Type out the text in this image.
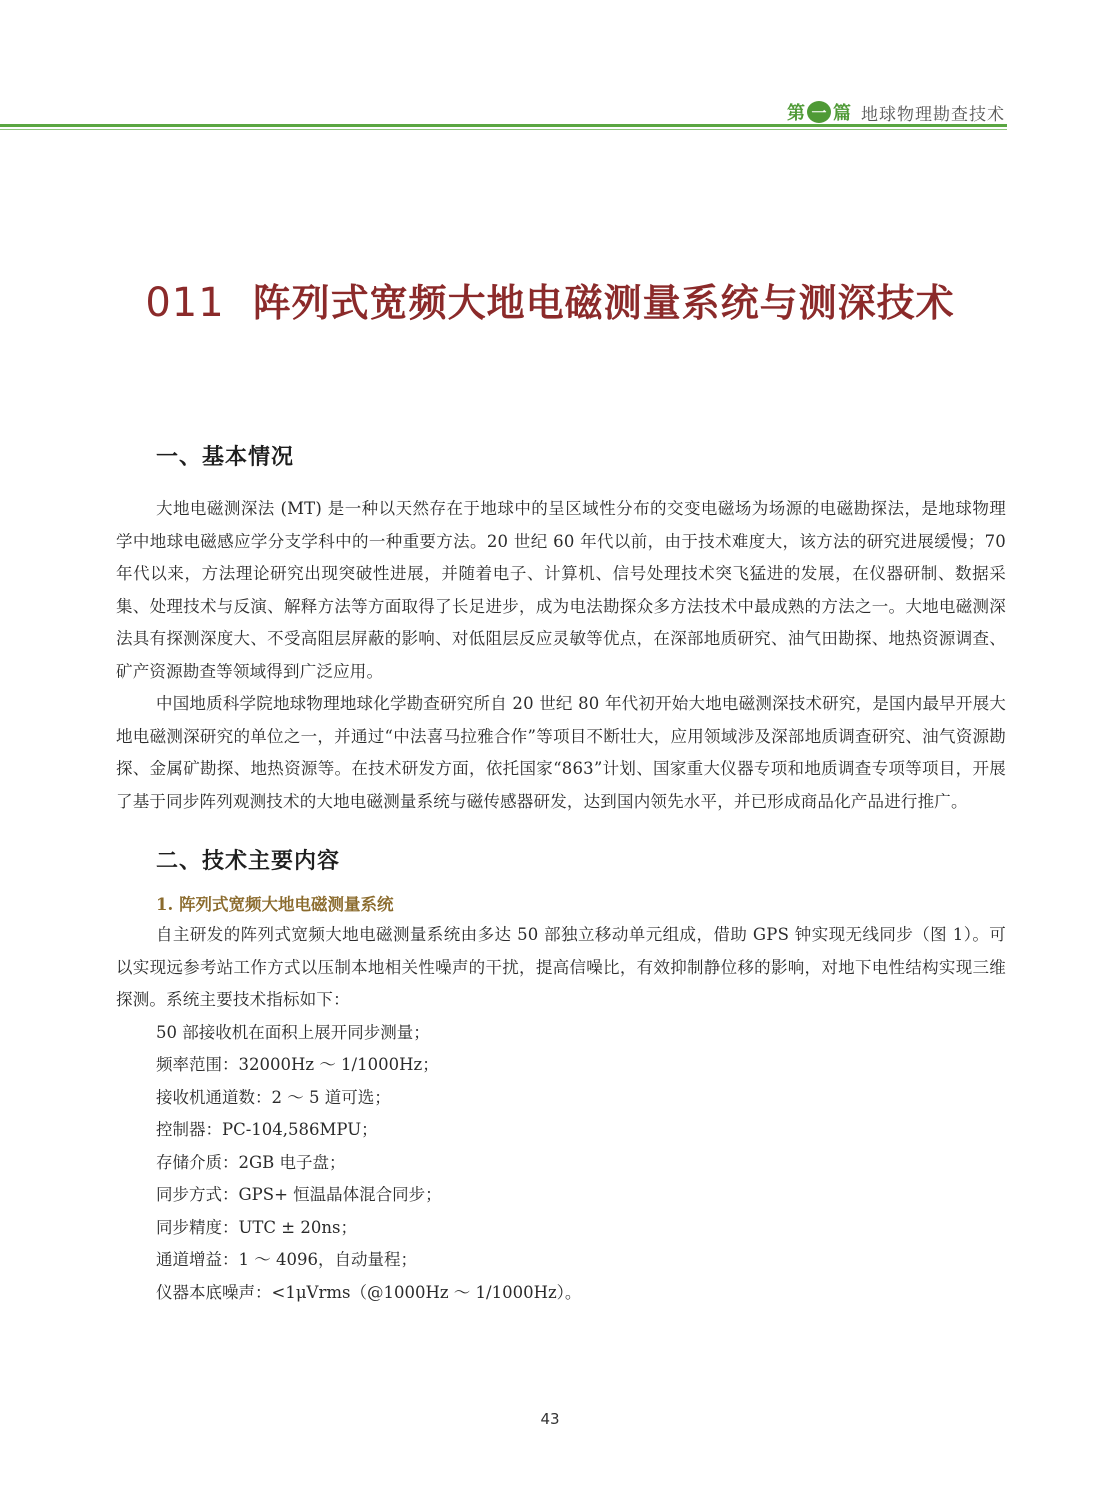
第 一 篇 地球物理勘查技术
011 阵列式宽频大地电磁测量系统与测深技术
一、基本情况

大地电磁测深法 (MT) 是一种以天然存在于地球中的呈区域性分布的交变电磁场为场源的电磁勘探法，是地球物理学中地球电磁感应学分支学科中的一种重要方法。20 世纪 60 年代以前，由于技术难度大，该方法的研究进展缓慢；70 年代以来，方法理论研究出现突破性进展，并随着电子、计算机、信号处理技术突飞猛进的发展，在仪器研制、数据采集、处理技术与反演、解释方法等方面取得了长足进步，成为电法勘探众多方法技术中最成熟的方法之一。大地电磁测深法具有探测深度大、不受高阻层屏蔽的影响、对低阻层反应灵敏等优点，在深部地质研究、油气田勘探、地热资源调查、矿产资源勘查等领域得到广泛应用。

中国地质科学院地球物理地球化学勘查研究所自 20 世纪 80 年代初开始大地电磁测深技术研究，是国内最早开展大地电磁测深研究的单位之一，并通过“中法喜马拉雅合作”等项目不断壮大，应用领域涉及深部地质调查研究、油气资源勘探、金属矿勘探、地热资源等。在技术研发方面，依托国家“863”计划、国家重大仪器专项和地质调查专项等项目，开展了基于同步阵列观测技术的大地电磁测量系统与磁传感器研发，达到国内领先水平，并已形成商品化产品进行推广。

二、技术主要内容
1. 阵列式宽频大地电磁测量系统

自主研发的阵列式宽频大地电磁测量系统由多达 50 部独立移动单元组成，借助 GPS 钟实现无线同步（图 1）。可以实现远参考站工作方式以压制本地相关性噪声的干扰，提高信噪比，有效抑制静位移的影响，对地下电性结构实现三维探测。系统主要技术指标如下：

50 部接收机在面积上展开同步测量；
频率范围：32000Hz ～ 1/1000Hz；
接收机通道数：2 ～ 5 道可选；
控制器：PC-104,586MPU；
存储介质：2GB 电子盘；
同步方式：GPS+ 恒温晶体混合同步；
同步精度：UTC ± 20ns；
通道增益：1 ～ 4096，自动量程；
仪器本底噪声：<1μVrms（@1000Hz ～ 1/1000Hz）。
43
